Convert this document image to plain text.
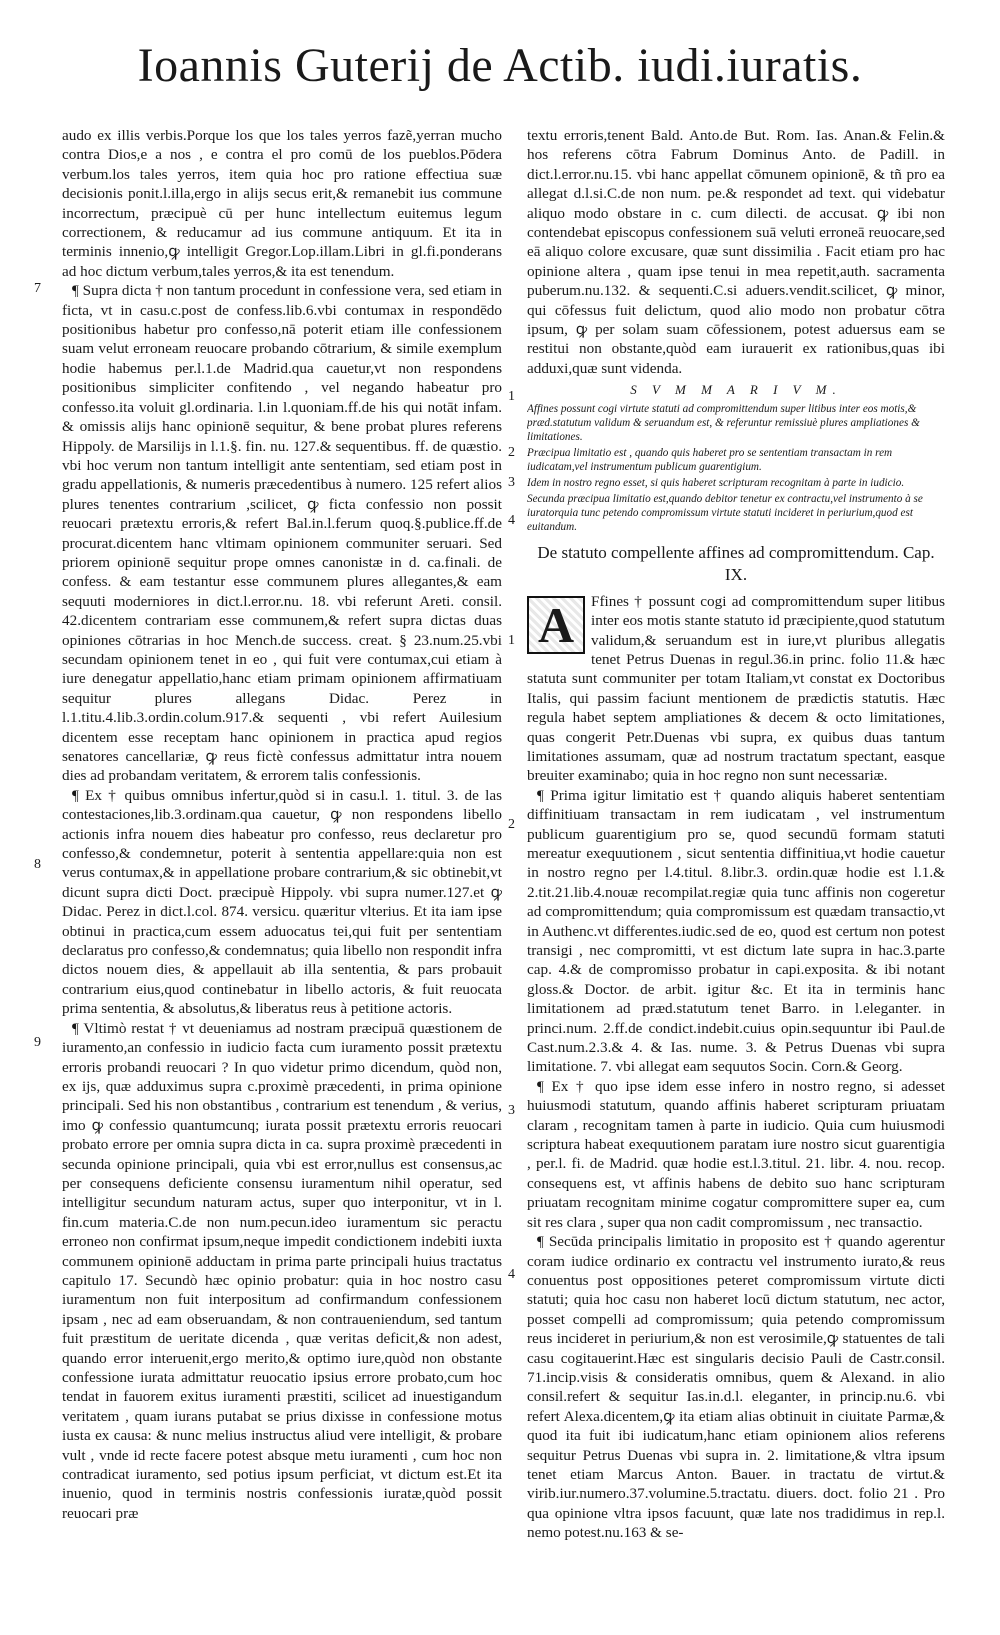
Ioannis Guterij de Actib. iudi.iuratis.
7
8
9
1
2
3
4
1
2
3
4

audo ex illis verbis.Porque los que los tales yerros fazẽ,yerran mucho contra Dios,e a nos , e contra el pro comū de los pueblos.Pōdera verbum.los tales yerros, item quia hoc pro ratione effectiua suæ decisionis ponit.l.illa,ergo in alijs secus erit,& remanebit ius commune incorrectum, præcipuè cū per hunc intellectum euitemus legum correctionem, & reducamur ad ius commune antiquum. Et ita in terminis innenio,ꝙ intelligit Gregor.Lop.illam.Libri in gl.fi.ponderans ad hoc dictum verbum,tales yerros,& ita est tenendum.

¶ Supra dicta † non tantum procedunt in confessione vera, sed etiam in ficta, vt in casu.c.post de confess.lib.6.vbi contumax in respondēdo positionibus habetur pro confesso,nā poterit etiam ille confessionem suam velut erroneam reuocare probando cōtrarium, & simile exemplum hodie habemus per.l.1.de Madrid.qua cauetur,vt non respondens positionibus simpliciter confitendo , vel negando habeatur pro confesso.ita voluit gl.ordinaria. l.in l.quoniam.ff.de his qui notāt infam. & omissis alijs hanc opinionē sequitur, & bene probat plures referens Hippoly. de Marsilijs in l.1.§. fin. nu. 127.& sequentibus. ff. de quæstio. vbi hoc verum non tantum intelligit ante sententiam, sed etiam post in gradu appellationis, & numeris præcedentibus à numero. 125 refert alios plures tenentes contrarium ,scilicet, ꝙ ficta confessio non possit reuocari prætextu erroris,& refert Bal.in.l.ferum quoq.§.publice.ff.de procurat.dicentem hanc vltimam opinionem communiter seruari. Sed priorem opinionē sequitur prope omnes canonistæ in d. ca.finali. de confess. & eam testantur esse communem plures allegantes,& eam sequuti moderniores in dict.l.error.nu. 18. vbi referunt Areti. consil. 42.dicentem contrariam esse communem,& refert supra dictas duas opiniones cōtrarias in hoc Mench.de success. creat. § 23.num.25.vbi secundam opinionem tenet in eo , qui fuit vere contumax,cui etiam à iure denegatur appellatio,hanc etiam primam opinionem affirmatiuam sequitur plures allegans Didac. Perez in l.1.titu.4.lib.3.ordin.colum.917.& sequenti , vbi refert Auilesium dicentem esse receptam hanc opinionem in practica apud regios senatores cancellariæ, ꝙ reus fictè confessus admittatur intra nouem dies ad probandam veritatem, & errorem talis confessionis.

¶ Ex † quibus omnibus infertur,quòd si in casu.l. 1. titul. 3. de las contestaciones,lib.3.ordinam.qua cauetur, ꝙ non respondens libello actionis infra nouem dies habeatur pro confesso, reus declaretur pro confesso,& condemnetur, poterit à sententia appellare:quia non est verus contumax,& in appellatione probare contrarium,& sic obtinebit,vt dicunt supra dicti Doct. præcipuè Hippoly. vbi supra numer.127.et ꝙ Didac. Perez in dict.l.col. 874. versicu. quæritur vlterius. Et ita iam ipse obtinui in practica,cum essem aduocatus tei,qui fuit per sententiam declaratus pro confesso,& condemnatus; quia libello non respondit infra dictos nouem dies, & appellauit ab illa sententia, & pars probauit contrarium eius,quod continebatur in libello actoris, & fuit reuocata prima sententia, & absolutus,& liberatus reus à petitione actoris.

¶ Vltimò restat † vt deueniamus ad nostram præcipuā quæstionem de iuramento,an confessio in iudicio facta cum iuramento possit prætextu erroris probandi reuocari ? In quo videtur primo dicendum, quòd non, ex ijs, quæ adduximus supra c.proximè præcedenti, in prima opinione principali. Sed his non obstantibus , contrarium est tenendum , & verius, imo ꝙ confessio quantumcunq; iurata possit prætextu erroris reuocari probato errore per omnia supra dicta in ca. supra proximè præcedenti in secunda opinione principali, quia vbi est error,nullus est consensus,ac per consequens deficiente consensu iuramentum nihil operatur, sed intelligitur secundum naturam actus, super quo interponitur, vt in l. fin.cum materia.C.de non num.pecun.ideo iuramentum sic peractu erroneo non confirmat ipsum,neque impedit condictionem indebiti iuxta communem opinionē adductam in prima parte principali huius tractatus capitulo 17. Secundò hæc opinio probatur: quia in hoc nostro casu iuramentum non fuit interpositum ad confirmandum confessionem ipsam , nec ad eam obseruandam, & non contraueniendum, sed tantum fuit præstitum de ueritate dicenda , quæ veritas deficit,& non adest, quando error interuenit,ergo merito,& optimo iure,quòd non obstante confessione iurata admittatur reuocatio ipsius errore probato,cum hoc tendat in fauorem exitus iuramenti præstiti, scilicet ad inuestigandum veritatem , quam iurans putabat se prius dixisse in confessione motus iusta ex causa: & nunc melius instructus aliud vere intelligit, & probare vult , vnde id recte facere potest absque metu iuramenti , cum hoc non contradicat iuramento, sed potius ipsum perficiat, vt dictum est.Et ita inuenio, quod in terminis nostris confessionis iuratæ,quòd possit reuocari præ

textu erroris,tenent Bald. Anto.de But. Rom. Ias. Anan.& Felin.& hos referens cōtra Fabrum Dominus Anto. de Padill. in dict.l.error.nu.15. vbi hanc appellat cōmunem opinionē, & tñ pro ea allegat d.l.si.C.de non num. pe.& respondet ad text. qui videbatur aliquo modo obstare in c. cum dilecti. de accusat. ꝙ ibi non contendebat episcopus confessionem suā veluti erroneā reuocare,sed eā aliquo colore excusare, quæ sunt dissimilia . Facit etiam pro hac opinione altera , quam ipse tenui in mea repetit,auth. sacramenta puberum.nu.132. & sequenti.C.si aduers.vendit.scilicet, ꝙ minor, qui cōfessus fuit delictum, quod alio modo non probatur cōtra ipsum, ꝙ per solam suam cōfessionem, potest aduersus eam se restitui non obstante,quòd eam iurauerit ex rationibus,quas ibi adduxi,quæ sunt videnda.

S V M M A R I V M.
Affines possunt cogi virtute statuti ad compromittendum super litibus inter eos motis,& præd.statutum validum & seruandum est, & referuntur remissiuè plures ampliationes & limitationes.
Præcipua limitatio est , quando quis haberet pro se sententiam transactam in rem iudicatam,vel instrumentum publicum guarentigium.
Idem in nostro regno esset, si quis haberet scripturam recognitam à parte in iudicio.
Secunda præcipua limitatio est,quando debitor tenetur ex contractu,vel instrumento à se iuratorquia tunc petendo compromissum virtute statuti incideret in periurium,quod est euitandum.
De statuto compellente affines ad compromittendum. Cap. IX.

A Ffines † possunt cogi ad compromittendum super litibus inter eos motis stante statuto id præcipiente,quod statutum validum,& seruandum est in iure,vt pluribus allegatis tenet Petrus Duenas in regul.36.in princ. folio 11.& hæc statuta sunt communiter per totam Italiam,vt constat ex Doctoribus Italis, qui passim faciunt mentionem de prædictis statutis. Hæc regula habet septem ampliationes & decem & octo limitationes, quas congerit Petr.Duenas vbi supra, ex quibus duas tantum limitationes assumam, quæ ad nostrum tractatum spectant, easque breuiter examinabo; quia in hoc regno non sunt necessariæ.

¶ Prima igitur limitatio est † quando aliquis haberet sententiam diffinitiuam transactam in rem iudicatam , vel instrumentum publicum guarentigium pro se, quod secundū formam statuti mereatur exequutionem , sicut sententia diffinitiua,vt hodie cauetur in nostro regno per l.4.titul. 8.libr.3. ordin.quæ hodie est l.1.& 2.tit.21.lib.4.nouæ recompilat.regiæ quia tunc affinis non cogeretur ad compromittendum; quia compromissum est quædam transactio,vt in Authenc.vt differentes.iudic.sed de eo, quod est certum non potest transigi , nec compromitti, vt est dictum late supra in hac.3.parte cap. 4.& de compromisso probatur in capi.exposita. & ibi notant gloss.& Doctor. de arbit. igitur &c. Et ita in terminis hanc limitationem ad præd.statutum tenet Barro. in l.eleganter. in princi.num. 2.ff.de condict.indebit.cuius opin.sequuntur ibi Paul.de Cast.num.2.3.& 4. & Ias. nume. 3. & Petrus Duenas vbi supra limitatione. 7. vbi allegat eam sequutos Socin. Corn.& Georg.

¶ Ex † quo ipse idem esse infero in nostro regno, si adesset huiusmodi statutum, quando affinis haberet scripturam priuatam claram , recognitam tamen à parte in iudicio. Quia cum huiusmodi scriptura habeat exequutionem paratam iure nostro sicut guarentigia , per.l. fi. de Madrid. quæ hodie est.l.3.titul. 21. libr. 4. nou. recop. consequens est, vt affinis habens de debito suo hanc scripturam priuatam recognitam minime cogatur compromittere super ea, cum sit res clara , super qua non cadit compromissum , nec transactio.

¶ Secūda principalis limitatio in proposito est † quando agerentur coram iudice ordinario ex contractu vel instrumento iurato,& reus conuentus post oppositiones peteret compromissum virtute dicti statuti; quia hoc casu non haberet locū dictum statutum, nec actor, posset compelli ad compromissum; quia petendo compromissum reus incideret in periurium,& non est verosimile,ꝙ statuentes de tali casu cogitauerint.Hæc est singularis decisio Pauli de Castr.consil. 71.incip.visis & consideratis omnibus, quem & Alexand. in alio consil.refert & sequitur Ias.in.d.l. eleganter, in princip.nu.6. vbi refert Alexa.dicentem,ꝙ ita etiam alias obtinuit in ciuitate Parmæ,& quod ita fuit ibi iudicatum,hanc etiam opinionem alios referens sequitur Petrus Duenas vbi supra in. 2. limitatione,& vltra ipsum tenet etiam Marcus Anton. Bauer. in tractatu de virtut.& virib.iur.numero.37.volumine.5.tractatu. diuers. doct. folio 21 . Pro qua opinione vltra ipsos facuunt, quæ late nos tradidimus in rep.l. nemo potest.nu.163 & se-
